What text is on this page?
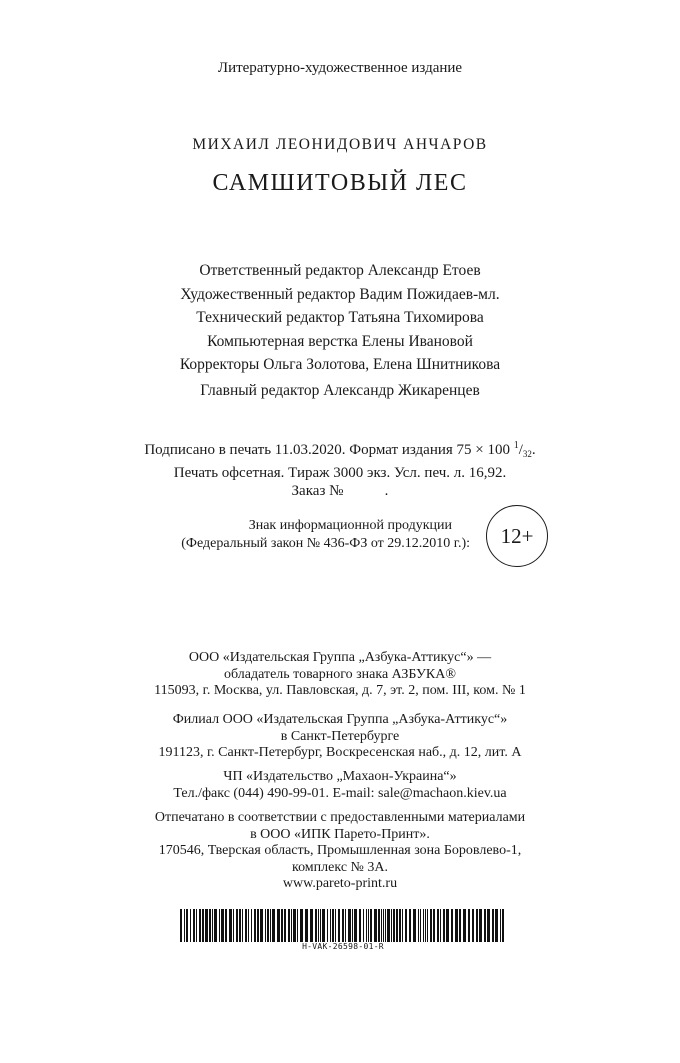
Литературно-художественное издание
МИХАИЛ ЛЕОНИДОВИЧ АНЧАРОВ
САМШИТОВЫЙ ЛЕС
Ответственный редактор Александр Етоев
Художественный редактор Вадим Пожидаев-мл.
Технический редактор Татьяна Тихомирова
Компьютерная верстка Елены Ивановой
Корректоры Ольга Золотова, Елена Шнитникова
Главный редактор Александр Жикаренцев
Подписано в печать 11.03.2020. Формат издания 75 × 100 $^1/_{32}$.
Печать офсетная. Тираж 3000 экз. Усл. печ. л. 16,92.
Заказ №           .
Знак информационной продукции
(Федеральный закон № 436-ФЗ от 29.12.2010 г.): 12+
ООО «Издательская Группа „Азбука-Аттикус“» —
обладатель товарного знака АЗБУКА®
115093, г. Москва, ул. Павловская, д. 7, эт. 2, пом. III, ком. № 1
Филиал ООО «Издательская Группа „Азбука-Аттикус“»
в Санкт-Петербурге
191123, г. Санкт-Петербург, Воскресенская наб., д. 12, лит. А
ЧП «Издательство „Махаон-Украина“»
Тел./факс (044) 490-99-01. E-mail: sale@machaon.kiev.ua
Отпечатано в соответствии с предоставленными материалами
в ООО «ИПК Парето-Принт».
170546, Тверская область, Промышленная зона Боровлево-1,
комплекс № 3А.
www.pareto-print.ru
H-VAK-26598-01-R
